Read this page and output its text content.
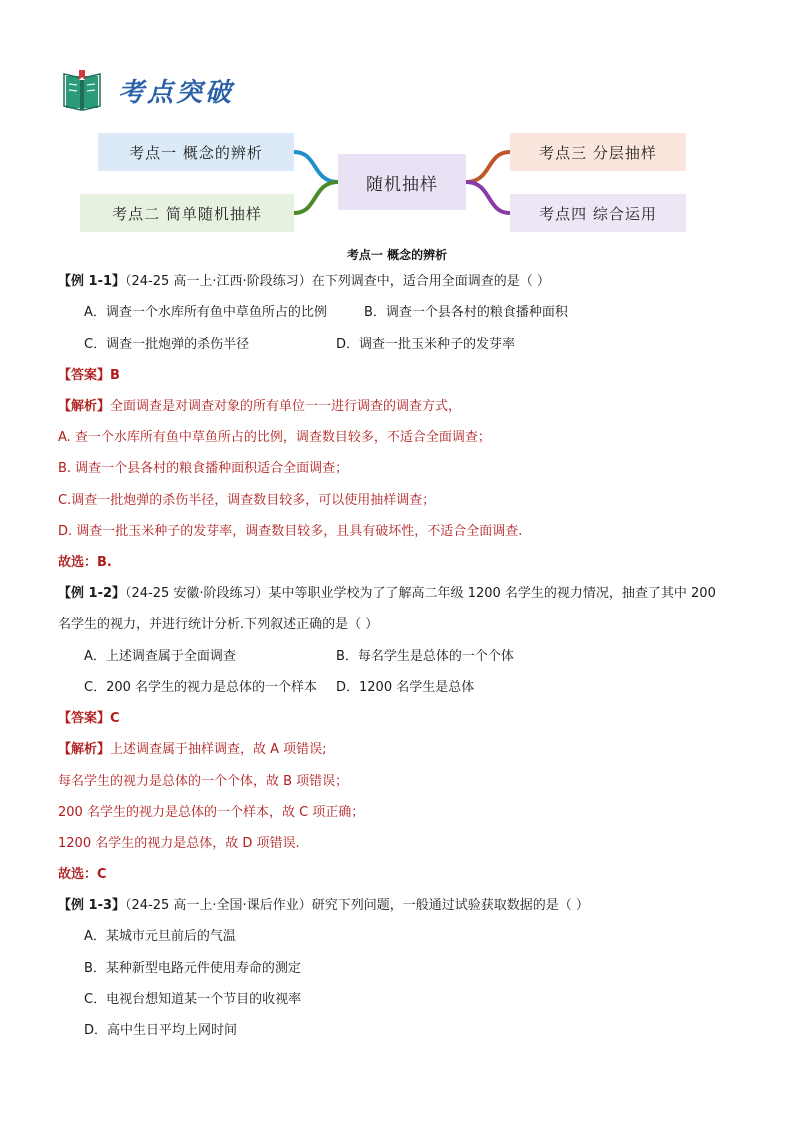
考点突破
考点一 概念的辨析
考点二 简单随机抽样
随机抽样
考点三 分层抽样
考点四 综合运用
考点一 概念的辨析
【例 1-1】（24-25 高一上·江西·阶段练习）在下列调查中，适合用全面调查的是（ ）
A．调查一个水库所有鱼中草鱼所占的比例	B．调查一个县各村的粮食播种面积
C．调查一批炮弹的杀伤半径	D．调查一批玉米种子的发芽率
【答案】B
【解析】全面调查是对调查对象的所有单位一一进行调查的调查方式，
A. 查一个水库所有鱼中草鱼所占的比例，调查数目较多，不适合全面调查；
B. 调查一个县各村的粮食播种面积适合全面调查；
C.调查一批炮弹的杀伤半径，调查数目较多，可以使用抽样调查；
D. 调查一批玉米种子的发芽率，调查数目较多，且具有破坏性，不适合全面调查.
故选：B.
【例 1-2】（24-25 安徽·阶段练习）某中等职业学校为了了解高二年级 1200 名学生的视力情况，抽查了其中 200
名学生的视力，并进行统计分析.下列叙述正确的是（ ）
A．上述调查属于全面调查	B．每名学生是总体的一个个体
C．200 名学生的视力是总体的一个样本 D．1200 名学生是总体
【答案】C
【解析】上述调查属于抽样调查，故 A 项错误;
每名学生的视力是总体的一个个体，故 B 项错误；
200 名学生的视力是总体的一个样本，故 C 项正确；
1200 名学生的视力是总体，故 D 项错误.
故选：C
【例 1-3】（24-25 高一上·全国·课后作业）研究下列问题，一般通过试验获取数据的是（ ）
A．某城市元旦前后的气温
B．某种新型电路元件使用寿命的测定
C．电视台想知道某一个节目的收视率
D．高中生日平均上网时间
